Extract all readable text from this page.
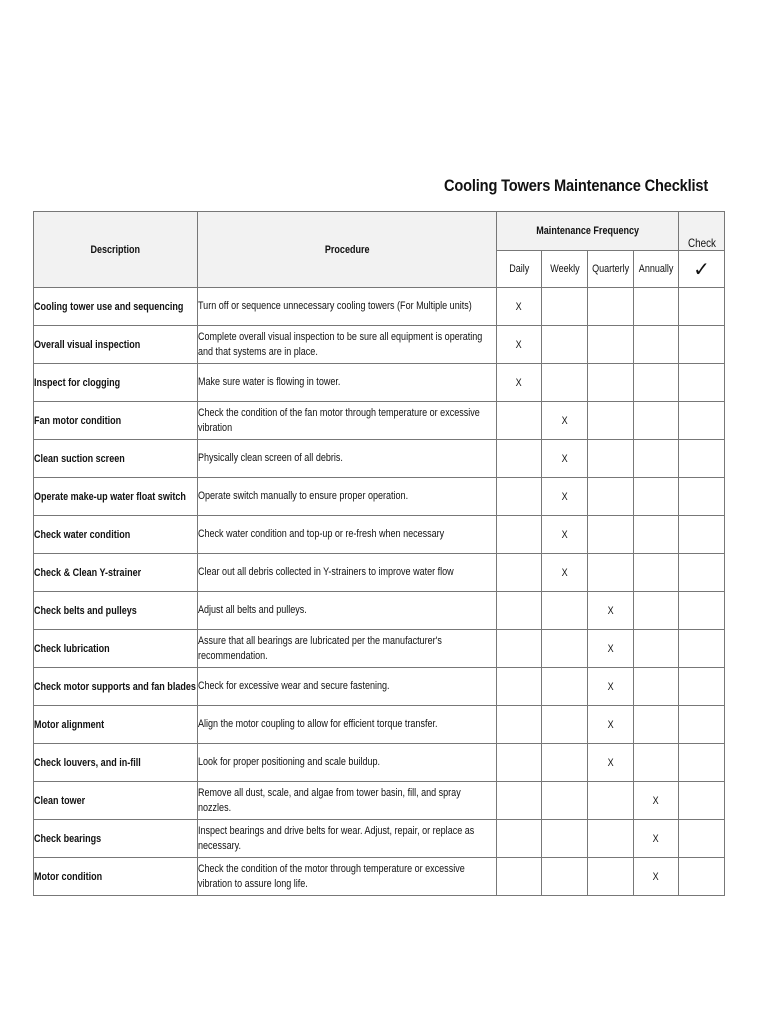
Cooling Towers Maintenance Checklist
Description	Procedure	Maintenance Frequency				Check
		Daily	Weekly	Quarterly	Annually	✓

Cooling tower use and sequencing	Turn off or sequence unnecessary cooling towers (For Multiple units)	X				

Overall visual inspection	Complete overall visual inspection to be sure all equipment is operating and that systems are in place.	X				

Inspect for clogging	Make sure water is flowing in tower.	X				

Fan motor condition	Check the condition of the fan motor through temperature or excessive vibration		X			

Clean suction screen	Physically clean screen of all debris.		X			

Operate make-up water float switch	Operate switch manually to ensure proper operation.		X			

Check water condition	Check water condition and top-up or re-fresh when necessary		X			

Check & Clean Y-strainer	Clear out all debris collected in Y-strainers to improve water flow		X			

Check belts and pulleys	Adjust all belts and pulleys.			X		

Check lubrication	Assure that all bearings are lubricated per the manufacturer's recommendation.			X		

Check motor supports and fan blades	Check for excessive wear and secure fastening.			X		

Motor alignment	Align the motor coupling to allow for efficient torque transfer.			X		

Check louvers, and in-fill	Look for proper positioning and scale buildup.			X		

Clean tower	Remove all dust, scale, and algae from tower basin, fill, and spray nozzles.				X	

Check bearings	Inspect bearings and drive belts for wear. Adjust, repair, or replace as necessary.				X	

Motor condition	Check the condition of the motor through temperature or excessive vibration to assure long life.				X	
